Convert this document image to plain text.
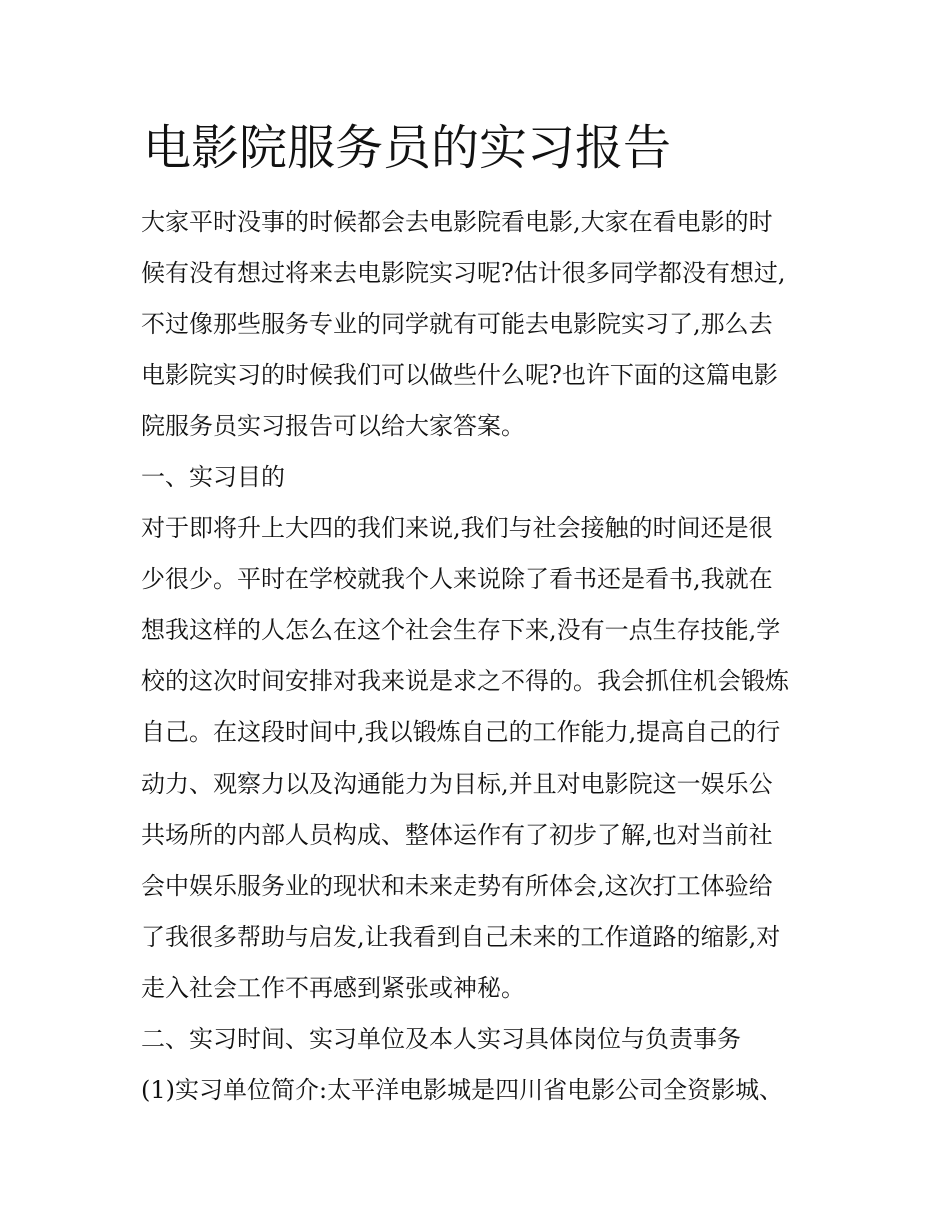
电影院服务员的实习报告
大家平时没事的时候都会去电影院看电影,大家在看电影的时
候有没有想过将来去电影院实习呢?估计很多同学都没有想过,
不过像那些服务专业的同学就有可能去电影院实习了,那么去
电影院实习的时候我们可以做些什么呢?也许下面的这篇电影
院服务员实习报告可以给大家答案。
一、实习目的
对于即将升上大四的我们来说,我们与社会接触的时间还是很
少很少。平时在学校就我个人来说除了看书还是看书,我就在
想我这样的人怎么在这个社会生存下来,没有一点生存技能,学
校的这次时间安排对我来说是求之不得的。我会抓住机会锻炼
自己。在这段时间中,我以锻炼自己的工作能力,提高自己的行
动力、观察力以及沟通能力为目标,并且对电影院这一娱乐公
共场所的内部人员构成、整体运作有了初步了解,也对当前社
会中娱乐服务业的现状和未来走势有所体会,这次打工体验给
了我很多帮助与启发,让我看到自己未来的工作道路的缩影,对
走入社会工作不再感到紧张或神秘。
二、实习时间、实习单位及本人实习具体岗位与负责事务
(1)实习单位简介:太平洋电影城是四川省电影公司全资影城、
